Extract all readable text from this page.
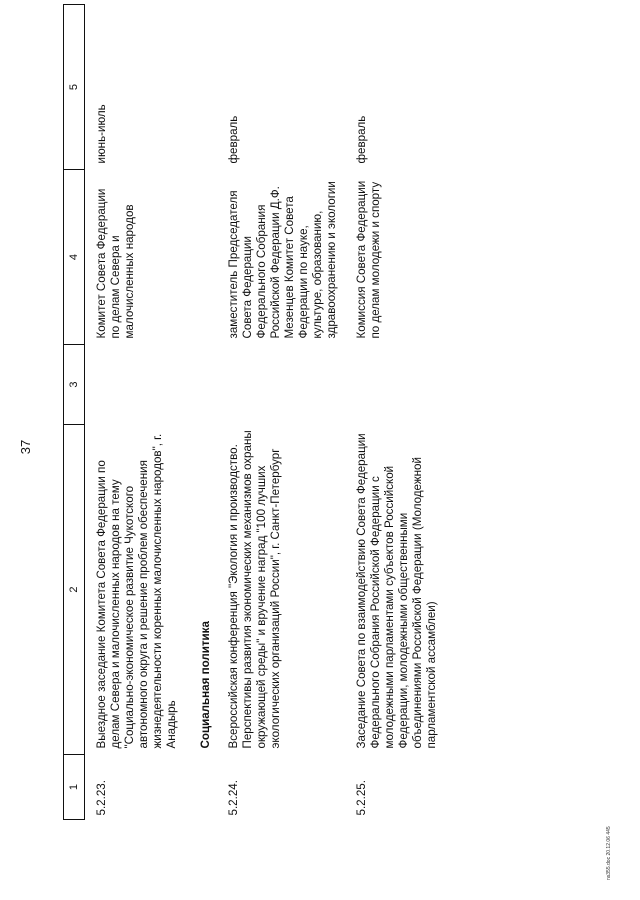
37
1	2	3	4	5
5.2.23.	Выездное заседание Комитета Совета Федерации по делам Севера и малочисленных народов на тему "Социально-экономическое развитие Чукотского автономного округа и решение проблем обеспечения жизнедеятельности коренных малочисленных народов", г. Анадырь		Комитет Совета Федерации по делам Севера и малочисленных народов	июнь-июль
	Социальная политика			
5.2.24.	Всероссийская конференция "Экология и производство. Перспективы развития экономических механизмов охраны окружающей среды" и вручение наград "100 лучших экологических организаций России", г. Санкт-Петербург		заместитель Председателя Совета Федерации Федерального Собрания Российской Федерации Д.Ф. Мезенцев Комитет Совета Федерации по науке, культуре, образованию, здравоохранению и экологии	февраль
5.2.25.	Заседание Совета по взаимодействию Совета Федерации Федерального Собрания Российской Федерации с молодежными парламентами субъектов Российской Федерации, молодежными общественными объединениями Российской Федерации (Молодежной парламентской ассамблеи)		Комиссия Совета Федерации по делам молодежи и спорту	февраль
ns355.doc 20.12.06 445
